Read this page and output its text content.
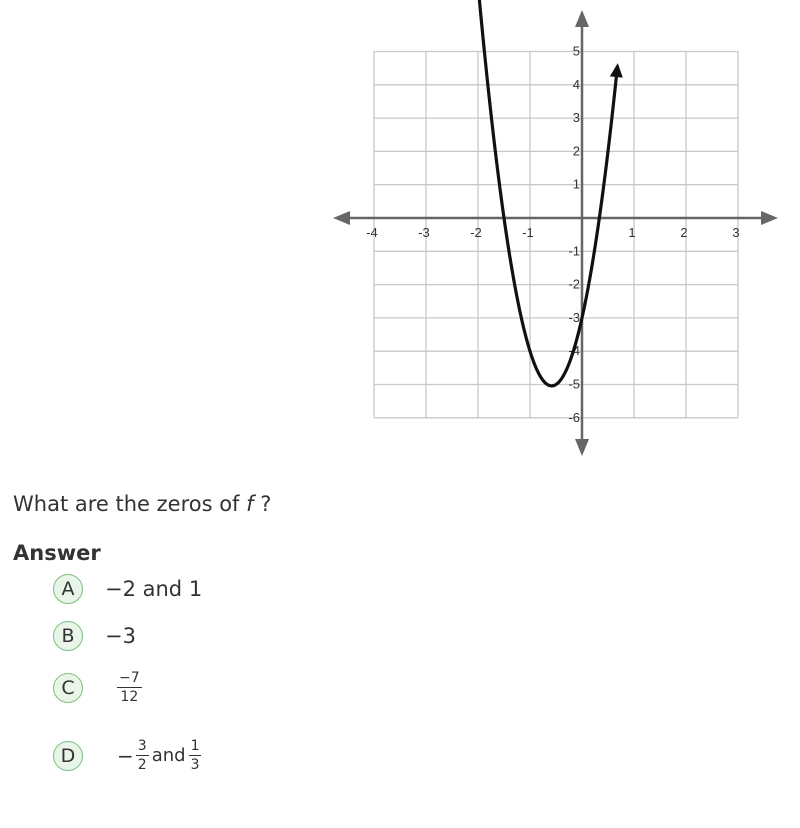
-4	-3	-2	-1	1	2	3
5
4
3
2
1
-1
-2
-3
-4
-5
-6
What are the zeros of f ?
Answer
A	−2 and 1
B	−3
C	$\frac{-7}{12}$
D	− $\frac{3}{2}$ and $\frac{1}{3}$
